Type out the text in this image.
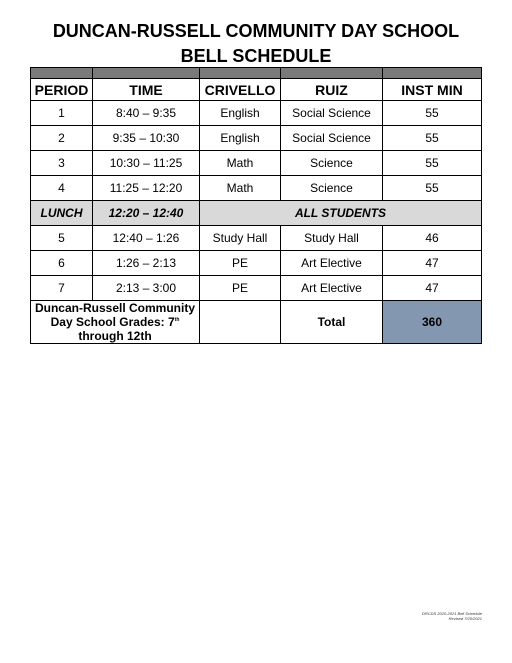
DUNCAN-RUSSELL COMMUNITY DAY SCHOOL
BELL SCHEDULE

PERIOD	TIME	CRIVELLO	RUIZ	INST MIN
1	8:40 – 9:35	English	Social Science	55
2	9:35 – 10:30	English	Social Science	55
3	10:30 – 11:25	Math	Science	55
4	11:25 – 12:20	Math	Science	55
LUNCH	12:20 – 12:40	ALL STUDENTS		
5	12:40 – 1:26	Study Hall	Study Hall	46
6	1:26 – 2:13	PE	Art Elective	47
7	2:13 – 3:00	PE	Art Elective	47
Duncan-Russell Community Day School Grades: 7th through 12th			Total	360
DRCDS 2020-2021 Bell Schedule
Revised 7/20/2021
